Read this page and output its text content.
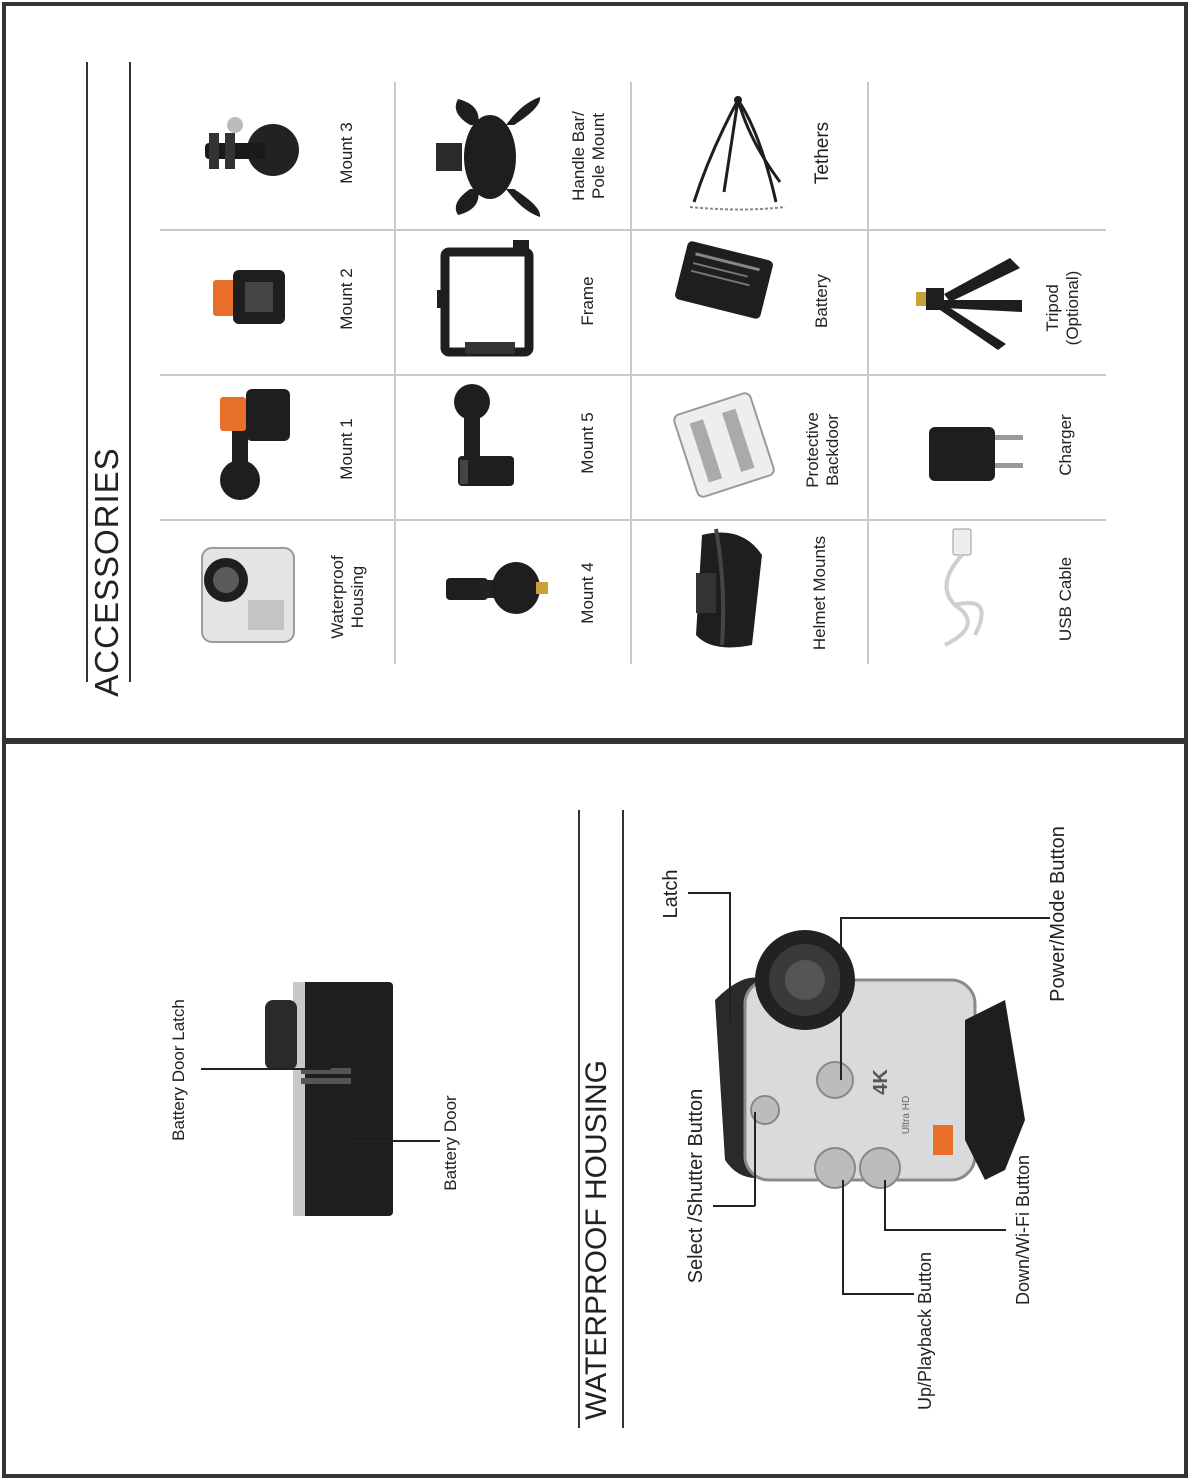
ACCESSORIES
Mount 3
Mount 2
Mount 1
Waterproof
Housing
Handle Bar/
Pole Mount
Frame
Mount 5
Mount 4
Tethers
Battery
Protective
Backdoor
Helmet Mounts
Tripod
(Optional)
Charger
USB Cable
Battery Door Latch
Battery Door	WATERPROOF HOUSING	4K
Ultra HD
Latch
Select /Shutter Button
Power/Mode Button
Up/Playback Button
Down/Wi-Fi Button
